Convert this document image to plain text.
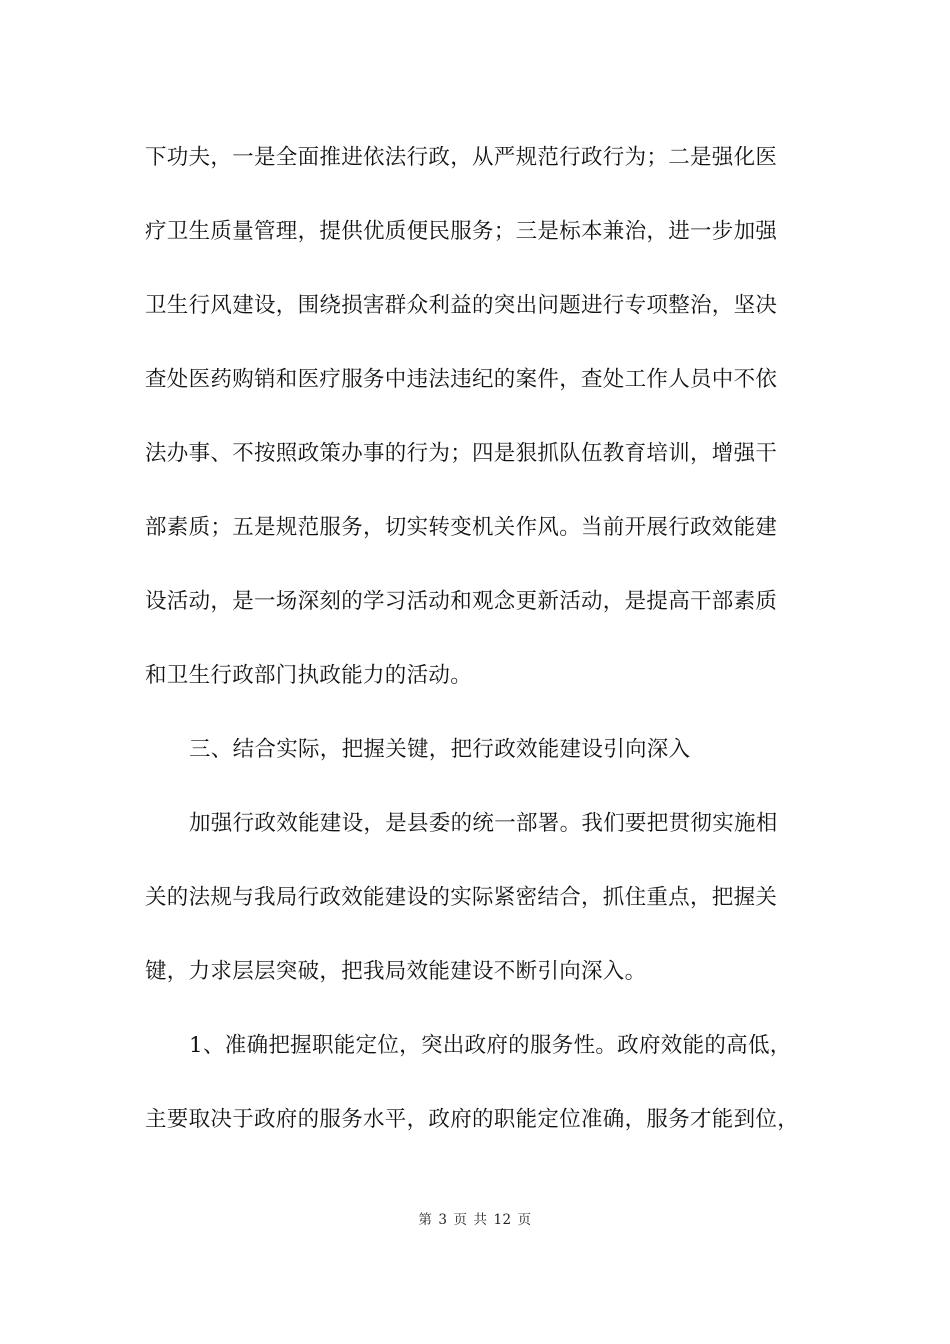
下功夫，一是全面推进依法行政，从严规范行政行为；二是强化医
疗卫生质量管理，提供优质便民服务；三是标本兼治，进一步加强
卫生行风建设，围绕损害群众利益的突出问题进行专项整治，坚决
查处医药购销和医疗服务中违法违纪的案件，查处工作人员中不依
法办事、不按照政策办事的行为；四是狠抓队伍教育培训，增强干
部素质；五是规范服务，切实转变机关作风。当前开展行政效能建
设活动，是一场深刻的学习活动和观念更新活动，是提高干部素质
和卫生行政部门执政能力的活动。
三、结合实际，把握关键，把行政效能建设引向深入
加强行政效能建设，是县委的统一部署。我们要把贯彻实施相
关的法规与我局行政效能建设的实际紧密结合，抓住重点，把握关
键，力求层层突破，把我局效能建设不断引向深入。
1、准确把握职能定位，突出政府的服务性。政府效能的高低，
主要取决于政府的服务水平，政府的职能定位准确，服务才能到位，
第 3 页 共 12 页
